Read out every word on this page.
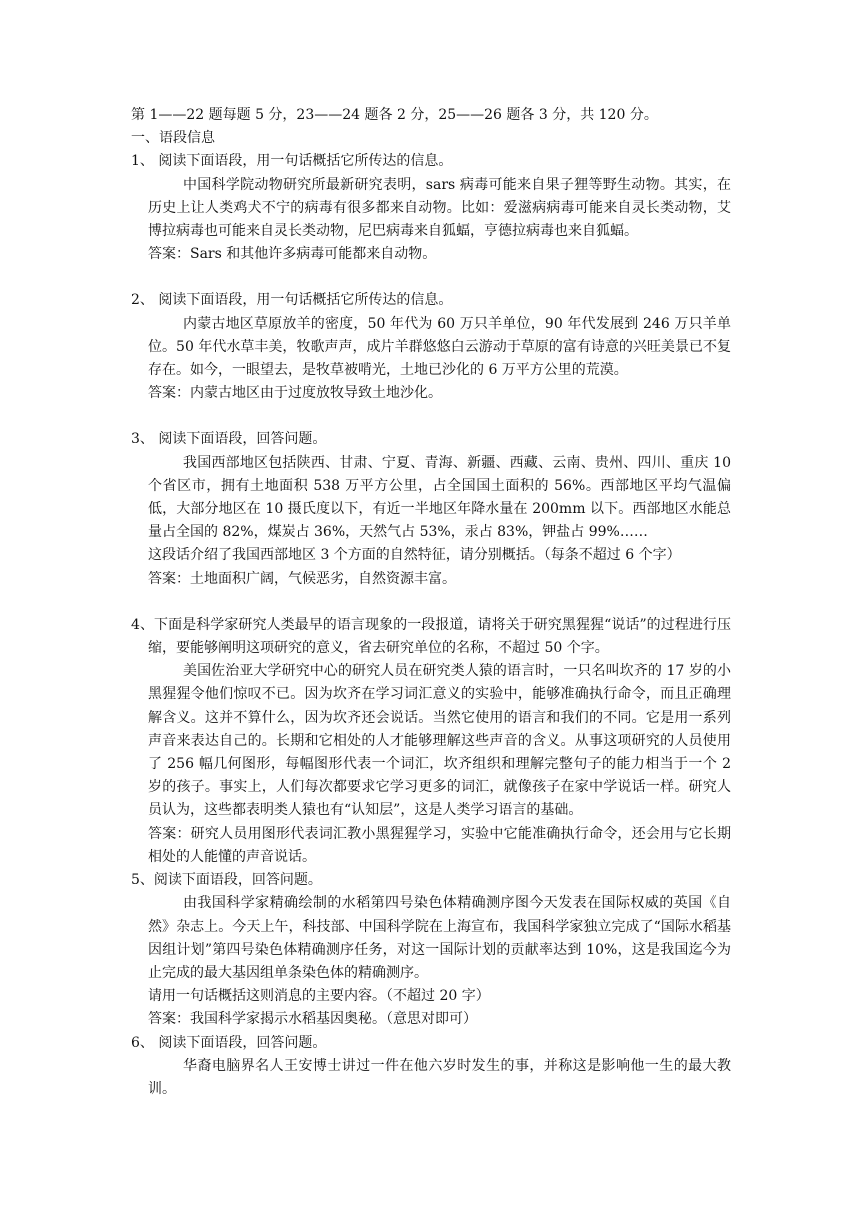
第 1——22 题每题 5 分，23——24 题各 2 分，25——26 题各 3 分，共 120 分。
一、语段信息
1、 阅读下面语段，用一句话概括它所传达的信息。
中国科学院动物研究所最新研究表明，sars 病毒可能来自果子狸等野生动物。其实，在历史上让人类鸡犬不宁的病毒有很多都来自动物。比如：爱滋病病毒可能来自灵长类动物，艾博拉病毒也可能来自灵长类动物，尼巴病毒来自狐蝠，亨德拉病毒也来自狐蝠。
答案：Sars 和其他许多病毒可能都来自动物。
2、 阅读下面语段，用一句话概括它所传达的信息。
内蒙古地区草原放羊的密度，50 年代为 60 万只羊单位，90 年代发展到 246 万只羊单位。50 年代水草丰美，牧歌声声，成片羊群悠悠白云游动于草原的富有诗意的兴旺美景已不复存在。如今，一眼望去，是牧草被啃光，土地已沙化的 6 万平方公里的荒漠。
答案：内蒙古地区由于过度放牧导致土地沙化。
3、 阅读下面语段，回答问题。
我国西部地区包括陕西、甘肃、宁夏、青海、新疆、西藏、云南、贵州、四川、重庆 10 个省区市，拥有土地面积 538 万平方公里，占全国国土面积的 56%。西部地区平均气温偏低，大部分地区在 10 摄氏度以下，有近一半地区年降水量在 200mm 以下。西部地区水能总量占全国的 82%，煤炭占 36%，天然气占 53%，汞占 83%，钾盐占 99%……
这段话介绍了我国西部地区 3 个方面的自然特征，请分别概括。（每条不超过 6 个字）
答案：土地面积广阔，气候恶劣，自然资源丰富。
4、下面是科学家研究人类最早的语言现象的一段报道，请将关于研究黑猩猩“说话”的过程进行压缩，要能够阐明这项研究的意义，省去研究单位的名称，不超过 50 个字。
美国佐治亚大学研究中心的研究人员在研究类人猿的语言时，一只名叫坎齐的 17 岁的小黑猩猩令他们惊叹不已。因为坎齐在学习词汇意义的实验中，能够准确执行命令，而且正确理解含义。这并不算什么，因为坎齐还会说话。当然它使用的语言和我们的不同。它是用一系列声音来表达自己的。长期和它相处的人才能够理解这些声音的含义。从事这项研究的人员使用了 256 幅几何图形，每幅图形代表一个词汇，坎齐组织和理解完整句子的能力相当于一个 2 岁的孩子。事实上，人们每次都要求它学习更多的词汇，就像孩子在家中学说话一样。研究人员认为，这些都表明类人猿也有“认知层”，这是人类学习语言的基础。
答案：研究人员用图形代表词汇教小黑猩猩学习，实验中它能准确执行命令，还会用与它长期相处的人能懂的声音说话。
5、阅读下面语段，回答问题。
由我国科学家精确绘制的水稻第四号染色体精确测序图今天发表在国际权威的英国《自然》杂志上。今天上午，科技部、中国科学院在上海宣布，我国科学家独立完成了“国际水稻基因组计划”第四号染色体精确测序任务，对这一国际计划的贡献率达到 10%，这是我国迄今为止完成的最大基因组单条染色体的精确测序。
请用一句话概括这则消息的主要内容。（不超过 20 字）
答案：我国科学家揭示水稻基因奥秘。（意思对即可）
6、 阅读下面语段，回答问题。
华裔电脑界名人王安博士讲过一件在他六岁时发生的事，并称这是影响他一生的最大教训。
